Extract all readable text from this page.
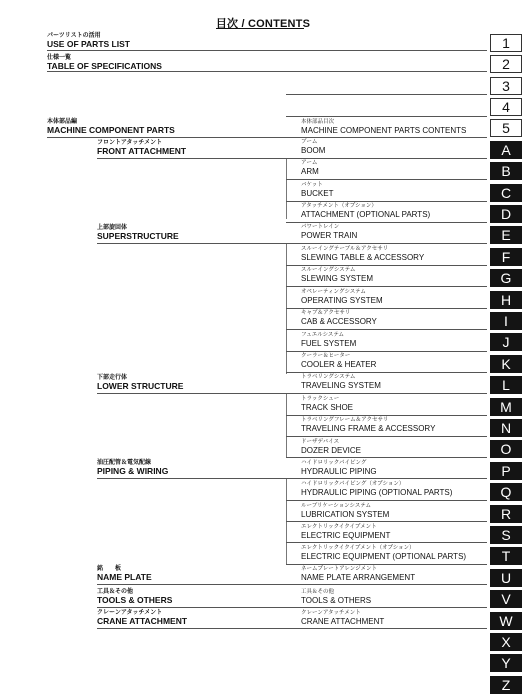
目次 / CONTENTS
パーツリストの活用
USE OF PARTS LIST
仕様一覧
TABLE OF SPECIFICATIONS
本体部品編
MACHINE COMPONENT PARTS
本体部品目次
MACHINE COMPONENT PARTS CONTENTS
フロントアタッチメント
FRONT ATTACHMENT
上部旋回体
SUPERSTRUCTURE
下部走行体
LOWER STRUCTURE
油圧配管＆電気配線
PIPING & WIRING
銘　　板
NAME PLATE
工具＆その他
TOOLS & OTHERS
クレーンアタッチメント
CRANE ATTACHMENT
ブーム
BOOM
アーム
ARM
バケット
BUCKET
アタッチメント（オプション）
ATTACHMENT (OPTIONAL PARTS)
パワートレイン
POWER TRAIN
スルーイングテーブル＆アクセサリ
SLEWING TABLE & ACCESSORY
スルーイングシステム
SLEWING SYSTEM
オペレーティングシステム
OPERATING SYSTEM
キャブ＆アクセサリ
CAB & ACCESSORY
フュエルシステム
FUEL SYSTEM
クーラー＆ヒーター
COOLER & HEATER
トラベリングシステム
TRAVELING SYSTEM
トラックシュー
TRACK SHOE
トラベリングフレーム＆アクセサリ
TRAVELING FRAME & ACCESSORY
ドーザデバイス
DOZER DEVICE
ハイドロリックパイピング
HYDRAULIC PIPING
ハイドロリックパイピング（オプション）
HYDRAULIC PIPING (OPTIONAL PARTS)
ルーブリケーションシステム
LUBRICATION SYSTEM
エレクトリックイクイプメント
ELECTRIC EQUIPMENT
エレクトリックイクイプメント（オプション）
ELECTRIC EQUIPMENT (OPTIONAL PARTS)
ネームプレートアレンジメント
NAME PLATE ARRANGEMENT
工具＆その他
TOOLS & OTHERS
クレーンアタッチメント
CRANE ATTACHMENT
1
2
3
4
5
A
B
C
D
E
F
G
H
I
J
K
L
M
N
O
P
Q
R
S
T
U
V
W
X
Y
Z
